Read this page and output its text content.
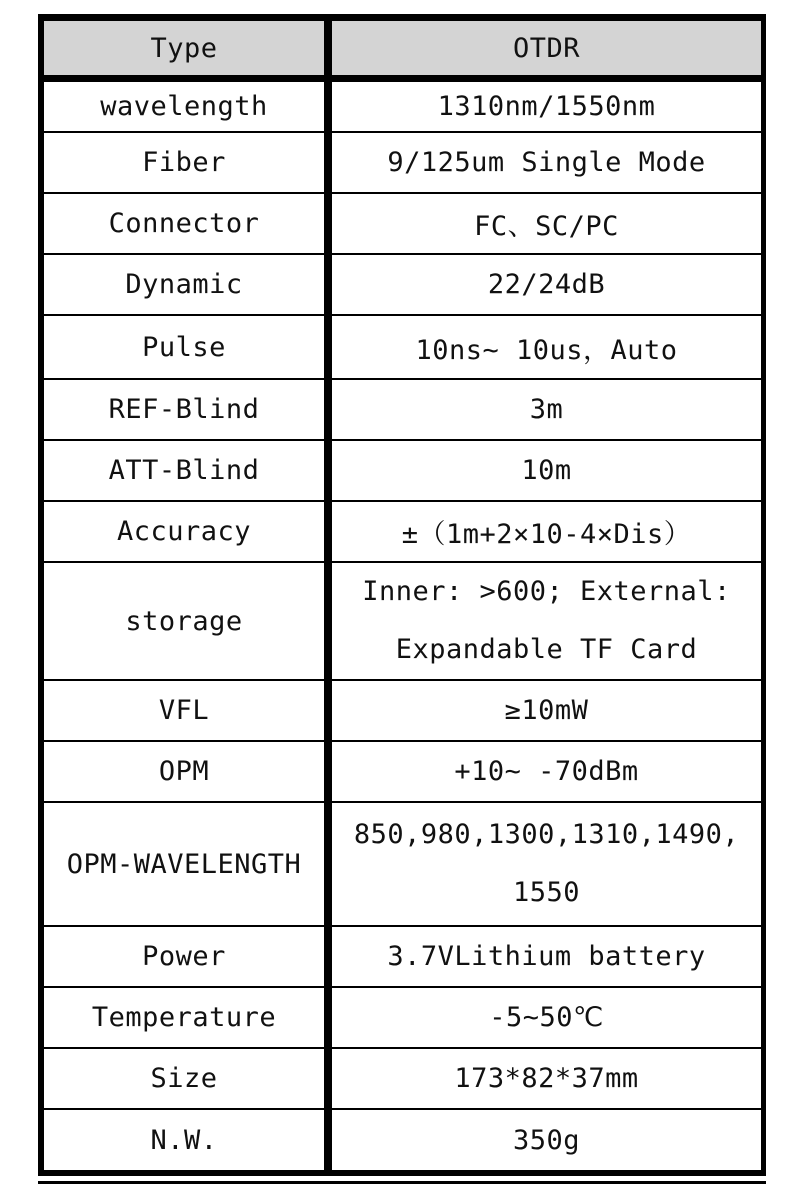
Type	OTDR
wavelength	1310nm/1550nm
Fiber	9/125um Single Mode
Connector	FC、SC/PC
Dynamic	22/24dB
Pulse	10ns~ 10us，Auto
REF-Blind	3m
ATT-Blind	10m
Accuracy	±（1m+2×10-4×Dis）
storage	Inner: >600; External: Expandable TF Card
VFL	≥10mW
OPM	+10~ -70dBm
OPM-WAVELENGTH	850,980,1300,1310,1490, 1550
Power	3.7VLithium battery
Temperature	-5~50℃
Size	173*82*37mm
N.W.	350g
